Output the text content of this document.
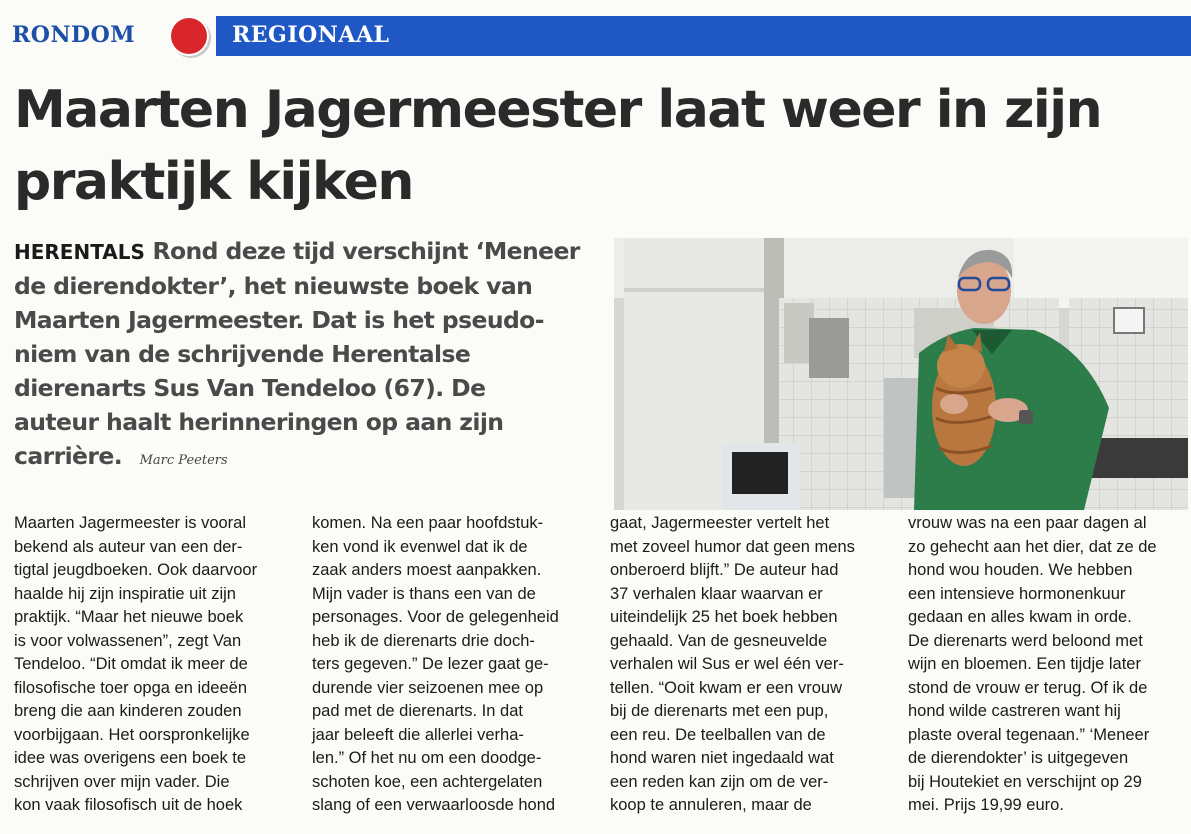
RONDOM	REGIONAAL
Maarten Jagermeester laat weer in zijn
praktijk kijken

HERENTALS Rond deze tijd verschijnt ‘Meneer
de dierendokter’, het nieuwste boek van
Maarten Jagermeester. Dat is het pseudo-
niem van de schrijvende Herentalse
dierenarts Sus Van Tendeloo (67). De
auteur haalt herinneringen op aan zijn
carrière. Marc Peeters

Maarten Jagermeester is vooral
bekend als auteur van een der-
tigtal jeugdboeken. Ook daarvoor
haalde hij zijn inspiratie uit zijn
praktijk. “Maar het nieuwe boek
is voor volwassenen”, zegt Van
Tendeloo. “Dit omdat ik meer de
filosofische toer opga en ideeën
breng die aan kinderen zouden
voorbijgaan. Het oorspronkelijke
idee was overigens een boek te
schrijven over mijn vader. Die
kon vaak filosofisch uit de hoek
komen. Na een paar hoofdstuk-
ken vond ik evenwel dat ik de
zaak anders moest aanpakken.
Mijn vader is thans een van de
personages. Voor de gelegenheid
heb ik de dierenarts drie doch-
ters gegeven.” De lezer gaat ge-
durende vier seizoenen mee op
pad met de dierenarts. In dat
jaar beleeft die allerlei verha-
len.” Of het nu om een doodge-
schoten koe, een achtergelaten
slang of een verwaarloosde hond
gaat, Jagermeester vertelt het
met zoveel humor dat geen mens
onberoerd blijft.” De auteur had
37 verhalen klaar waarvan er
uiteindelijk 25 het boek hebben
gehaald. Van de gesneuvelde
verhalen wil Sus er wel één ver-
tellen. “Ooit kwam er een vrouw
bij de dierenarts met een pup,
een reu. De teelballen van de
hond waren niet ingedaald wat
een reden kan zijn om de ver-
koop te annuleren, maar de
vrouw was na een paar dagen al
zo gehecht aan het dier, dat ze de
hond wou houden. We hebben
een intensieve hormonenkuur
gedaan en alles kwam in orde.
De dierenarts werd beloond met
wijn en bloemen. Een tijdje later
stond de vrouw er terug. Of ik de
hond wilde castreren want hij
plaste overal tegenaan.” ‘Meneer
de dierendokter’ is uitgegeven
bij Houtekiet en verschijnt op 29
mei. Prijs 19,99 euro.
